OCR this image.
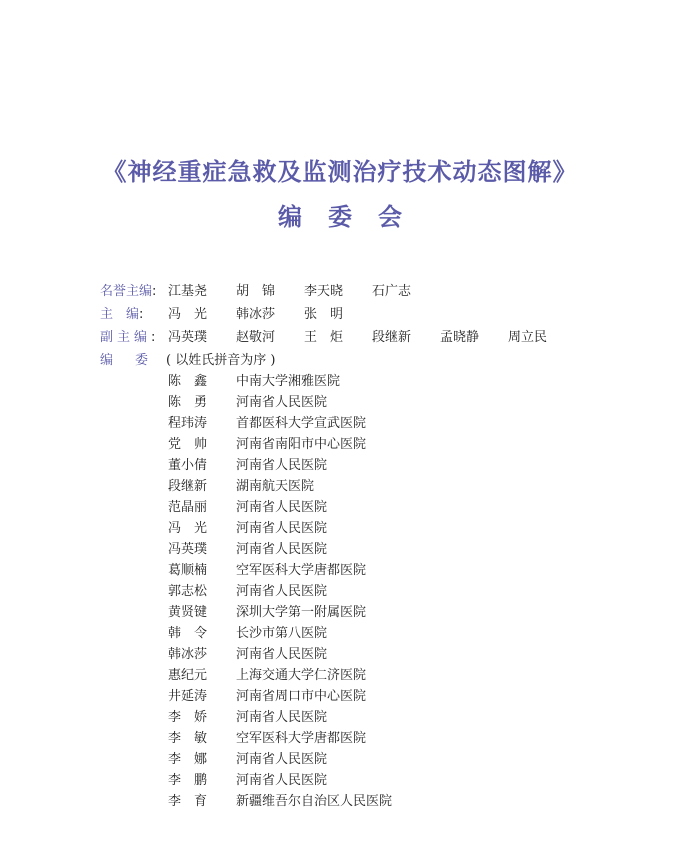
《神经重症急救及监测治疗技术动态图解》
编委会
名誉主编: 江基尧 胡　锦 李天晓 石广志
主　编: 冯　光 韩冰莎 张　明
副主编: 冯英璞 赵敬河 王　炬 段继新 孟晓静 周立民
编委( 以姓氏拼音为序 )
陈　鑫 中南大学湘雅医院
陈　勇 河南省人民医院
程玮涛 首都医科大学宣武医院
党　帅 河南省南阳市中心医院
董小倩 河南省人民医院
段继新 湖南航天医院
范晶丽 河南省人民医院
冯　光 河南省人民医院
冯英璞 河南省人民医院
葛顺楠 空军医科大学唐都医院
郭志松 河南省人民医院
黄贤键 深圳大学第一附属医院
韩　令 长沙市第八医院
韩冰莎 河南省人民医院
惠纪元 上海交通大学仁济医院
井延涛 河南省周口市中心医院
李　娇 河南省人民医院
李　敏 空军医科大学唐都医院
李　娜 河南省人民医院
李　鹏 河南省人民医院
李　育 新疆维吾尔自治区人民医院
